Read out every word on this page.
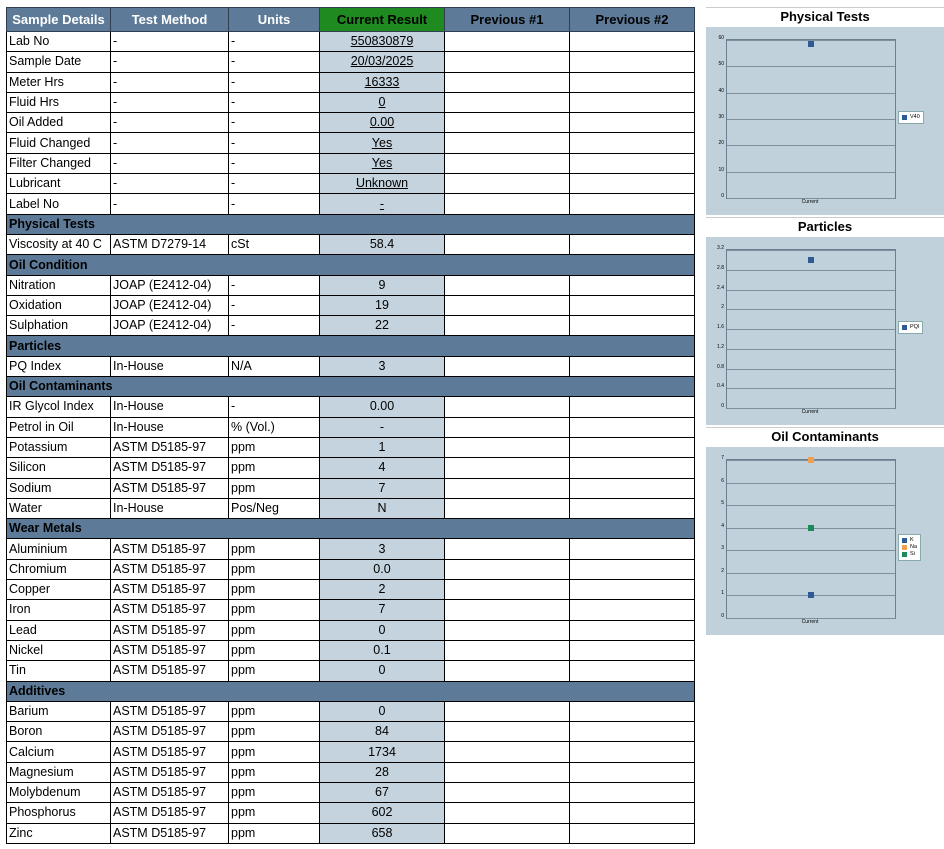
Sample Details	Test Method	Units	Current Result	Previous #1	Previous #2
Lab No	-	-	550830879		
Sample Date	-	-	20/03/2025		
Meter Hrs	-	-	16333		
Fluid Hrs	-	-	0		
Oil Added	-	-	0.00		
Fluid Changed	-	-	Yes		
Filter Changed	-	-	Yes		
Lubricant	-	-	Unknown		
Label No	-	-	-		
Physical Tests					
Viscosity at 40 C	ASTM D7279-14	cSt	58.4		
Oil Condition					
Nitration	JOAP (E2412-04)	-	9		
Oxidation	JOAP (E2412-04)	-	19		
Sulphation	JOAP (E2412-04)	-	22		
Particles					
PQ Index	In-House	N/A	3		
Oil Contaminants					
IR Glycol Index	In-House	-	0.00		
Petrol in Oil	In-House	% (Vol.)	-		
Potassium	ASTM D5185-97	ppm	1		
Silicon	ASTM D5185-97	ppm	4		
Sodium	ASTM D5185-97	ppm	7		
Water	In-House	Pos/Neg	N		
Wear Metals					
Aluminium	ASTM D5185-97	ppm	3		
Chromium	ASTM D5185-97	ppm	0.0		
Copper	ASTM D5185-97	ppm	2		
Iron	ASTM D5185-97	ppm	7		
Lead	ASTM D5185-97	ppm	0		
Nickel	ASTM D5185-97	ppm	0.1		
Tin	ASTM D5185-97	ppm	0		
Additives					
Barium	ASTM D5185-97	ppm	0		
Boron	ASTM D5185-97	ppm	84		
Calcium	ASTM D5185-97	ppm	1734		
Magnesium	ASTM D5185-97	ppm	28		
Molybdenum	ASTM D5185-97	ppm	67		
Phosphorus	ASTM D5185-97	ppm	602		
Zinc	ASTM D5185-97	ppm	658		
Physical Tests
0
10
20
30
40
50
60
Current
V40
Particles
0
0.4
0.8
1.2
1.6
2
2.4
2.8
3.2
Current
PQI
Oil Contaminants
0
1
2
3
4
5
6
7
Current
K
Na
Si
